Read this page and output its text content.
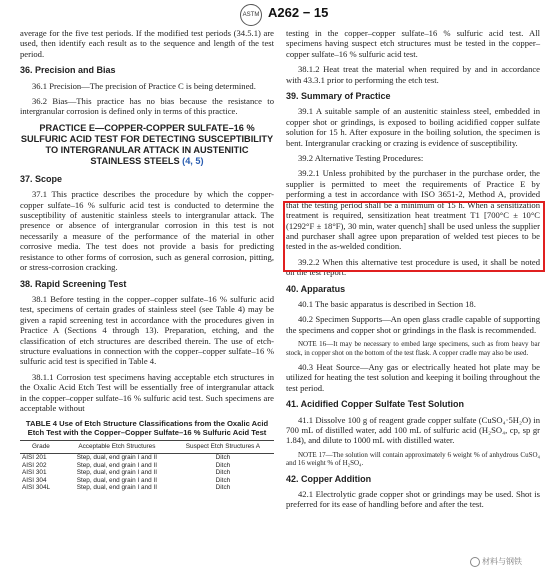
ASTM A262 − 15

average for the five test periods. If the modified test periods (34.5.1) are used, then identify each result as to the sequence and length of the test period.

36. Precision and Bias

36.1 Precision—The precision of Practice C is being determined.

36.2 Bias—This practice has no bias because the resistance to intergranular corrosion is defined only in terms of this practice.

PRACTICE E—COPPER-COPPER SULFATE–16 % SULFURIC ACID TEST FOR DETECTING SUSCEPTIBILITY TO INTERGRANULAR ATTACK IN AUSTENITIC STAINLESS STEELS (4, 5)
37. Scope

37.1 This practice describes the procedure by which the copper-copper sulfate–16 % sulfuric acid test is conducted to determine the susceptibility of austenitic stainless steels to intergranular attack. The presence or absence of intergranular corrosion in this test is not necessarily a measure of the performance of the material in other corrosive media. The test does not provide a basis for predicting resistance to other forms of corrosion, such as general corrosion, pitting, or stress-corrosion cracking.

38. Rapid Screening Test

38.1 Before testing in the copper–copper sulfate–16 % sulfuric acid test, specimens of certain grades of stainless steel (see Table 4) may be given a rapid screening test in accordance with the procedures given in Practice A (Sections 4 through 13). Preparation, etching, and the classification of etch structures are described therein. The use of etch-structure evaluations in connection with the copper–copper sulfate–16 % sulfuric acid test is specified in Table 4.

38.1.1 Corrosion test specimens having acceptable etch structures in the Oxalic Acid Etch Test will be essentially free of intergranular attack in the copper–copper sulfate–16 % sulfuric acid test. Such specimens are acceptable without

TABLE 4 Use of Etch Structure Classifications from the Oxalic Acid Etch Test with the Copper–Copper Sulfate–16 % Sulfuric Acid Test
Grade	Acceptable Etch Structures	Suspect Etch Structures A
AISI 201	Step, dual, end grain I and II	Ditch
AISI 202	Step, dual, end grain I and II	Ditch
AISI 301	Step, dual, end grain I and II	Ditch
AISI 304	Step, dual, end grain I and II	Ditch
AISI 304L	Step, dual, end grain I and II	Ditch

testing in the copper–copper sulfate–16 % sulfuric acid test. All specimens having suspect etch structures must be tested in the copper–copper sulfate–16 % sulfuric acid test.

38.1.2 Heat treat the material when required by and in accordance with 43.3.1 prior to performing the etch test.

39. Summary of Practice

39.1 A suitable sample of an austenitic stainless steel, embedded in copper shot or grindings, is exposed to boiling acidified copper sulfate solution for 15 h. After exposure in the boiling solution, the specimen is bent. Intergranular cracking or crazing is evidence of susceptibility.

39.2 Alternative Testing Procedures:

39.2.1 Unless prohibited by the purchaser in the purchase order, the supplier is permitted to meet the requirements of Practice E by performing a test in accordance with ISO 3651-2, Method A, provided that the testing period shall be a minimum of 15 h. When a sensitization treatment is required, sensitization heat treatment T1 [700°C ± 10°C (1292°F ± 18°F), 30 min, water quench] shall be used unless the supplier and purchaser shall agree upon preparation of welded test pieces to be tested in the as-welded condition.

39.2.2 When this alternative test procedure is used, it shall be noted on the test report.

40. Apparatus

40.1 The basic apparatus is described in Section 18.

40.2 Specimen Supports—An open glass cradle capable of supporting the specimens and copper shot or grindings in the flask is recommended.

NOTE 16—It may be necessary to embed large specimens, such as from heavy bar stock, in copper shot on the bottom of the test flask. A copper cradle may also be used.

40.3 Heat Source—Any gas or electrically heated hot plate may be utilized for heating the test solution and keeping it boiling throughout the test period.

41. Acidified Copper Sulfate Test Solution

41.1 Dissolve 100 g of reagent grade copper sulfate (CuSO₄·5H₂O) in 700 mL of distilled water, add 100 mL of sulfuric acid (H₂SO₄, cp, sp gr 1.84), and dilute to 1000 mL with distilled water.

NOTE 17—The solution will contain approximately 6 weight % of anhydrous CuSO₄ and 16 weight % of H₂SO₄.

42. Copper Addition

42.1 Electrolytic grade copper shot or grindings may be used. Shot is preferred for its ease of handling before and after the test.

材料与钢铁
